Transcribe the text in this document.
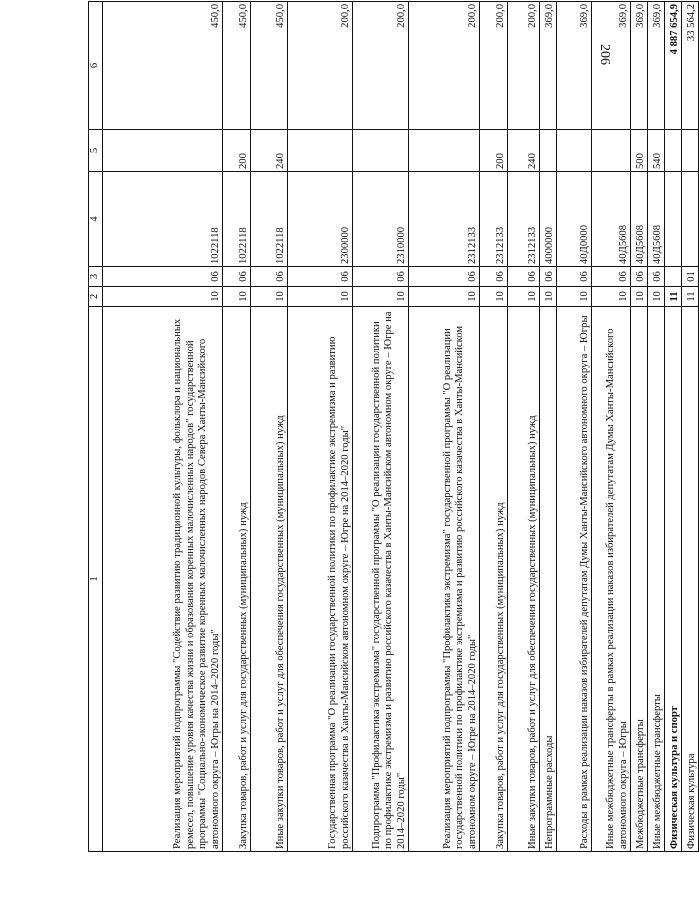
206
1	2	3	4	5	6
Реализация мероприятий подпрограммы "Содействие развитию традиционной культуры, фольклора и национальных ремесел, повышение уровня качества жизни и образования коренных малочисленных народов" государственной программы "Социально-экономическое развитие коренных малочисленных народов Севера Ханты-Мансийского автономного округа – Югры на 2014–2020 годы"	10	06	1022118		450,0
Закупка товаров, работ и услуг для государственных (муниципальных) нужд	10	06	1022118	200	450,0
Иные закупки товаров, работ и услуг для обеспечения государственных (муниципальных) нужд	10	06	1022118	240	450,0
Государственная программа "О реализации государственной политики по профилактике экстремизма и развитию российского казачества в Ханты-Мансийском автономном округе – Югре на 2014–2020 годы"	10	06	2300000		200,0
Подпрограмма "Профилактика экстремизма" государственной программы "О реализации государственной политики по профилактике экстремизма и развитию российского казачества в Ханты-Мансийском автономном округе – Югре на 2014–2020 годы"	10	06	2310000		200,0
Реализация мероприятий подпрограммы "Профилактика экстремизма" государственной программы "О реализации государственной политики по профилактике экстремизма и развитию российского казачества в Ханты-Мансийском автономном округе – Югре на 2014–2020 годы"	10	06	2312133		200,0
Закупка товаров, работ и услуг для государственных (муниципальных) нужд	10	06	2312133	200	200,0
Иные закупки товаров, работ и услуг для обеспечения государственных (муниципальных) нужд	10	06	2312133	240	200,0
Непрограммные расходы	10	06	4000000		369,0
Расходы в рамках реализации наказов избирателей депутатам Думы Ханты-Мансийского автономного округа – Югры	10	06	40Д0000		369,0
Иные межбюджетные трансферты в рамках реализации наказов избирателей депутатам Думы Ханты-Мансийского автономного округа – Югры	10	06	40Д5608		369,0
Межбюджетные трансферты	10	06	40Д5608	500	369,0
Иные межбюджетные трансферты	10	06	40Д5608	540	369,0
Физическая культура и спорт	11				4 887 654,9
Физическая культура	11	01			33 564,2
